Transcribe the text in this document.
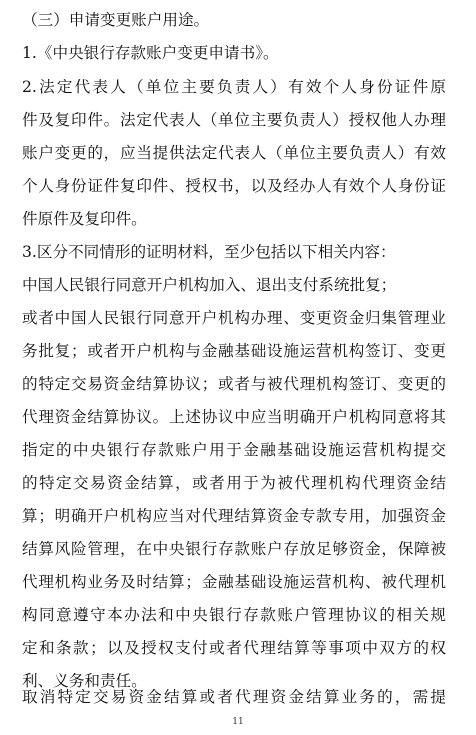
（三）申请变更账户用途。
1.《中央银行存款账户变更申请书》。
2.法定代表人（单位主要负责人）有效个人身份证件原
件及复印件。法定代表人（单位主要负责人）授权他人办理
账户变更的，应当提供法定代表人（单位主要负责人）有效
个人身份证件复印件、授权书，以及经办人有效个人身份证
件原件及复印件。
3.区分不同情形的证明材料，至少包括以下相关内容：
中国人民银行同意开户机构加入、退出支付系统批复；
或者中国人民银行同意开户机构办理、变更资金归集管理业
务批复；或者开户机构与金融基础设施运营机构签订、变更
的特定交易资金结算协议；或者与被代理机构签订、变更的
代理资金结算协议。上述协议中应当明确开户机构同意将其
指定的中央银行存款账户用于金融基础设施运营机构提交
的特定交易资金结算，或者用于为被代理机构代理资金结
算；明确开户机构应当对代理结算资金专款专用，加强资金
结算风险管理，在中央银行存款账户存放足够资金，保障被
代理机构业务及时结算；金融基础设施运营机构、被代理机
构同意遵守本办法和中央银行存款账户管理协议的相关规
定和条款；以及授权支付或者代理结算等事项中双方的权
利、义务和责任。
取消特定交易资金结算或者代理资金结算业务的，需提
11
